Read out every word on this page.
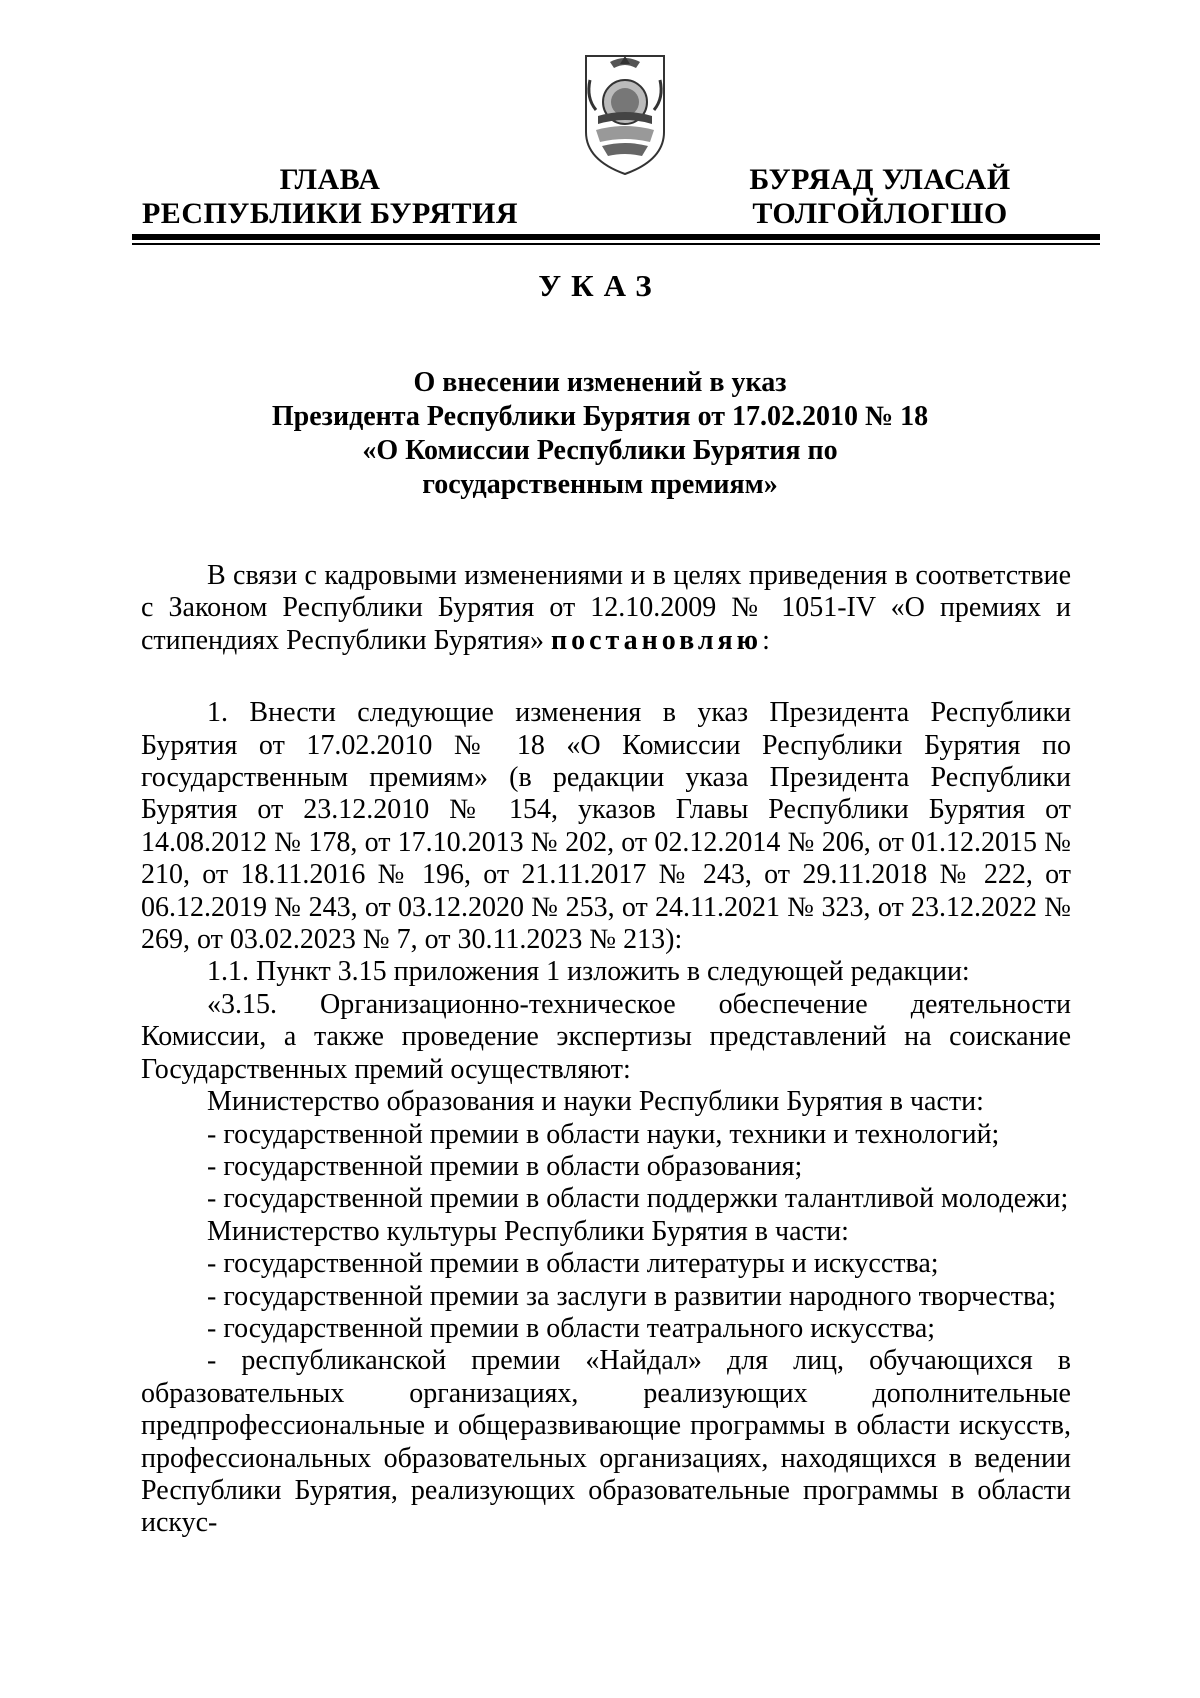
ГЛАВА
РЕСПУБЛИКИ БУРЯТИЯ
БУРЯАД УЛАСАЙ
ТОЛГОЙЛОГШО
УКАЗ
О внесении изменений в указ
Президента Республики Бурятия от 17.02.2010 № 18
«О Комиссии Республики Бурятия по
государственным премиям»

В связи с кадровыми изменениями и в целях приведения в соответствие с Законом Республики Бурятия от 12.10.2009 № 1051-IV «О премиях и стипендиях Республики Бурятия» постановляю:

1. Внести следующие изменения в указ Президента Республики Бурятия от 17.02.2010 № 18 «О Комиссии Республики Бурятия по государственным премиям» (в редакции указа Президента Республики Бурятия от 23.12.2010 № 154, указов Главы Республики Бурятия от 14.08.2012 № 178, от 17.10.2013 № 202, от 02.12.2014 № 206, от 01.12.2015 № 210, от 18.11.2016 № 196, от 21.11.2017 № 243, от 29.11.2018 № 222, от 06.12.2019 № 243, от 03.12.2020 № 253, от 24.11.2021 № 323, от 23.12.2022 № 269, от 03.02.2023 № 7, от 30.11.2023 № 213):

1.1. Пункт 3.15 приложения 1 изложить в следующей редакции:

«3.15. Организационно-техническое обеспечение деятельности Комиссии, а также проведение экспертизы представлений на соискание Государственных премий осуществляют:

Министерство образования и науки Республики Бурятия в части:

- государственной премии в области науки, техники и технологий;

- государственной премии в области образования;

- государственной премии в области поддержки талантливой молодежи;

Министерство культуры Республики Бурятия в части:

- государственной премии в области литературы и искусства;

- государственной премии за заслуги в развитии народного творчества;

- государственной премии в области театрального искусства;

- республиканской премии «Найдал» для лиц, обучающихся в образовательных организациях, реализующих дополнительные предпрофессиональные и общеразвивающие программы в области искусств, профессиональных образовательных организациях, находящихся в ведении Республики Бурятия, реализующих образовательные программы в области искус-
